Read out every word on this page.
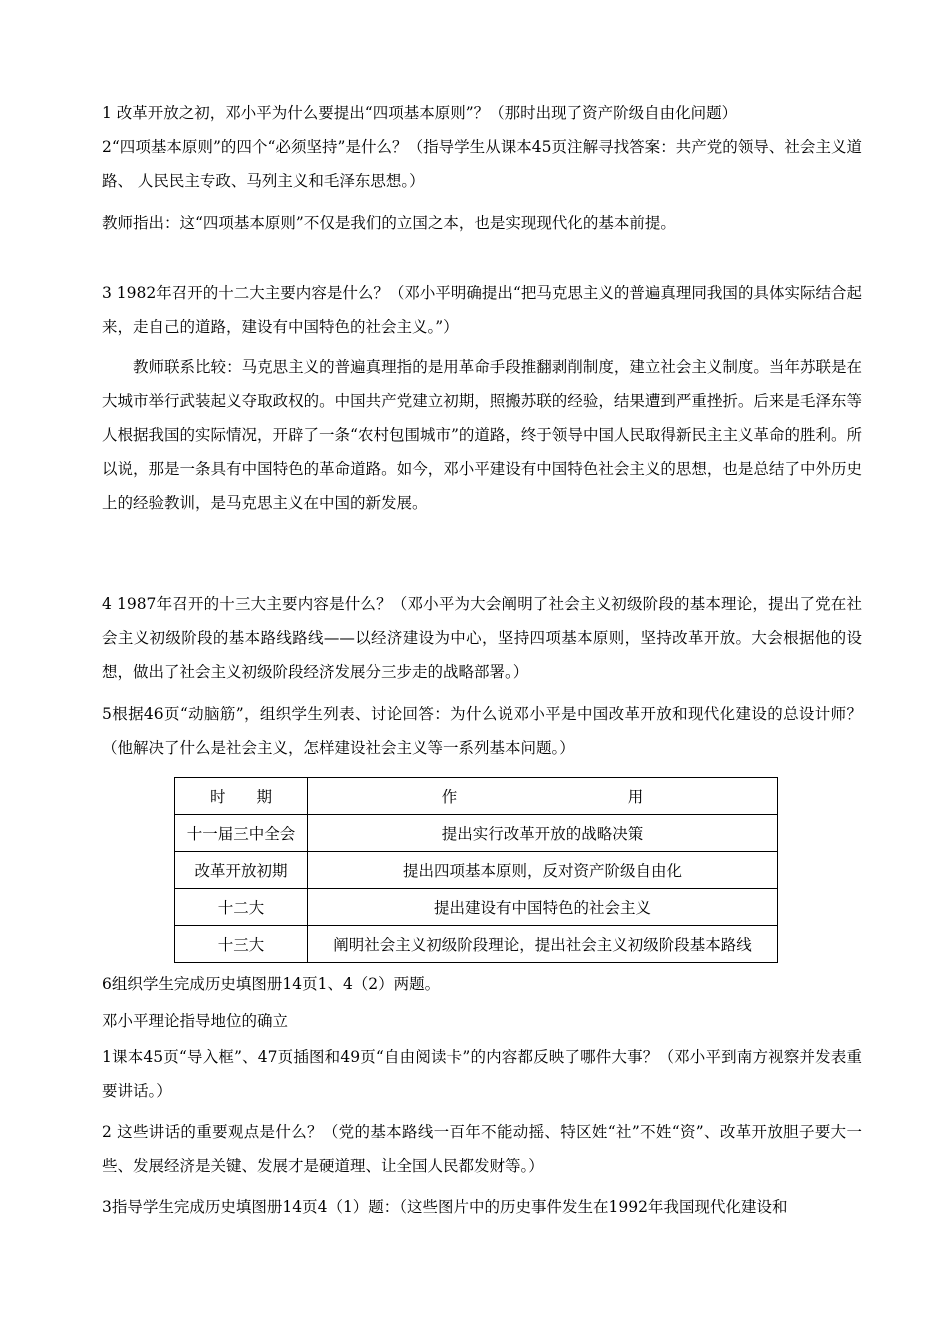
1 改革开放之初，邓小平为什么要提出“四项基本原则”？（那时出现了资产阶级自由化问题）

2“四项基本原则”的四个“必须坚持”是什么？（指导学生从课本45页注解寻找答案：共产党的领导、社会主义道路、 人民民主专政、马列主义和毛泽东思想。）

教师指出：这“四项基本原则”不仅是我们的立国之本，也是实现现代化的基本前提。

3 1982年召开的十二大主要内容是什么？（邓小平明确提出“把马克思主义的普遍真理同我国的具体实际结合起来，走自己的道路，建设有中国特色的社会主义。”）

教师联系比较：马克思主义的普遍真理指的是用革命手段推翻剥削制度，建立社会主义制度。当年苏联是在大城市举行武装起义夺取政权的。中国共产党建立初期，照搬苏联的经验，结果遭到严重挫折。后来是毛泽东等人根据我国的实际情况，开辟了一条“农村包围城市”的道路，终于领导中国人民取得新民主主义革命的胜利。所以说，那是一条具有中国特色的革命道路。如今，邓小平建设有中国特色社会主义的思想，也是总结了中外历史上的经验教训，是马克思主义在中国的新发展。

4 1987年召开的十三大主要内容是什么？（邓小平为大会阐明了社会主义初级阶段的基本理论，提出了党在社会主义初级阶段的基本路线路线——以经济建设为中心，坚持四项基本原则，坚持改革开放。大会根据他的设想，做出了社会主义初级阶段经济发展分三步走的战略部署。）

5根据46页“动脑筋”，组织学生列表、讨论回答：为什么说邓小平是中国改革开放和现代化建设的总设计师？（他解决了什么是社会主义，怎样建设社会主义等一系列基本问题。）

时　　期	作　　　　　　　　　　　用
十一届三中全会	提出实行改革开放的战略决策
改革开放初期	提出四项基本原则，反对资产阶级自由化
十二大	提出建设有中国特色的社会主义
十三大	阐明社会主义初级阶段理论，提出社会主义初级阶段基本路线

6组织学生完成历史填图册14页1、4（2）两题。

邓小平理论指导地位的确立

1课本45页“导入框”、47页插图和49页“自由阅读卡”的内容都反映了哪件大事？（邓小平到南方视察并发表重要讲话。）

2 这些讲话的重要观点是什么？（党的基本路线一百年不能动摇、特区姓“社”不姓“资”、改革开放胆子要大一些、发展经济是关键、发展才是硬道理、让全国人民都发财等。）

3指导学生完成历史填图册14页4（1）题：（这些图片中的历史事件发生在1992年我国现代化建设和
